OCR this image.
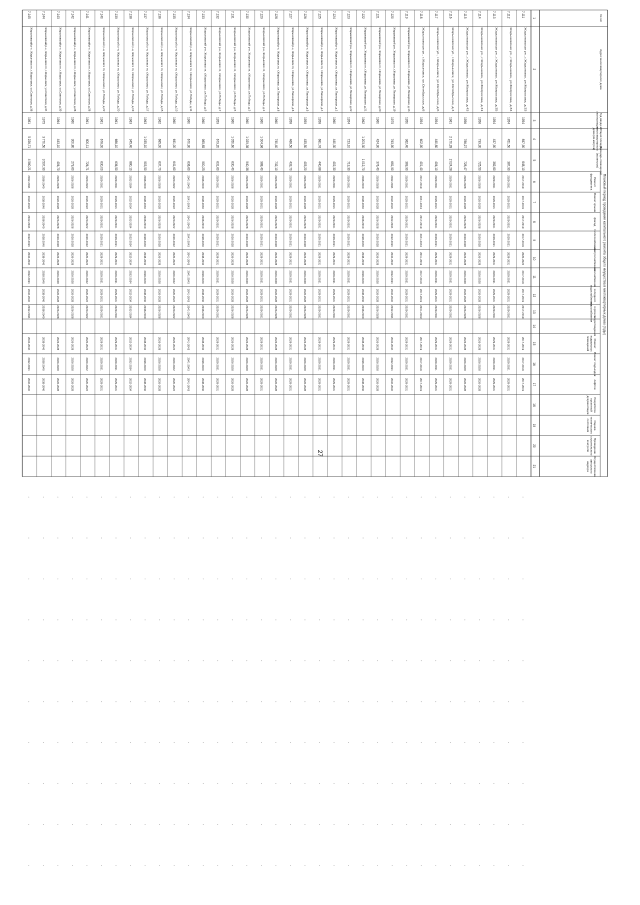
27
Плановый период проведения капитального ремонта общего имущества в многоквартирных домах (годы)
№ п/п
Адрес многоквартирного дома
Год ввода вэксплуатацию
Общая площадьмногоквартирногодома (кв.метров)
Площадь помещений(кв.метров)
Ремонтфундамента
Ремонт крыши
фасад
теплоснабжение
электроснабжения
газоснабжения
холодноговодоснабжения
горячеговодоснабжения
водоотведения
Ремонтподвальныхпомещений
Ремонт подъездов
лифтов
Разработкапроектнойдокументации
Оценкатехническогосостояния
Проведениестроительногоконтроля
Осуществлениеавторскогонадзора
1
2
3
4
5
6
7
8
9
10
11
12
13
14
15
16
17
18
19
20
21
7.111
Жарыновская ул., г.Жарыновск, ул.Матросова, д.33
1954
897,90
848,10
2017-2019
2017-2019
2017-2019
2017-2019
2020-2022
2017-2019
2017-2019
2017-2019
2017-2019
2017-2019
2017-2019
7.112
Жарыновская ул., г.Жарыновск, ул.Матросова, д.34
1954
451,50
387,90
2029-2031
2029-2031
2029-2031
2029-2031
2029-2031
2029-2031
2029-2031
2029-2031
2029-2031
2029-2031
2029-2031
7.113
Жарыновская ул., г.Жарыновск, ул.Матросова, д.35
1954
437,90
382,80
2029-2031
2029-2031
2029-2031
2029-2031
2029-2031
2029-2031
2029-2031
2029-2031
2029-2031
2029-2031
2029-2031
7.114
Жарыновская ул., г.Жарыновск, ул.Матросова, д.41
1956
799,30
725,50
2026-2028
2026-2028
2026-2028
2026-2028
2026-2028
2026-2028
2026-2028
2026-2028
2026-2028
2026-2028
2026-2028
7.115
Жарыновская ул., г.Жарыновск, ул.Матросова, д.43
1956
786,27
728,47
2026-2028
2026-2028
2026-2028
2026-2028
2026-2028
2026-2028
2026-2028
2026-2028
2026-2028
2026-2028
2026-2028
7.116
Жарыновская ул., г.Жарыновск, ул.Октябрьская, д.4
1961
2 170,28
2 024,28
2029-2031
2029-2031
2029-2031
2029-2031
2029-2031
2029-2031
2029-2031
2029-2031
2029-2031
2029-2031
2029-2031
7.117
Жарыновская ул., г.Жарыновск, ул.Октябрьская, д.6
1954
440,80
406,10
2029-2031
2029-2031
2029-2031
2029-2031
2029-2031
2029-2031
2029-2031
2029-2031
2029-2031
2029-2031
2029-2031
7.118
Жарыновская ул., г.Жарыновск, ул.Октябрьская, д.8
1954
602,90
401,40
2017-2019
2041-2043
2017-2019
2041-2043
2041-2043
2017-2019
2017-2019
2041-2043
2017-2019
2017-2019
2017-2019
7.119
Жарыновский р-н, Жарыновск гп, г.Жарыновск, ул.Пионерская, д.13
1950
362,40
369,90
2029-2031
2029-2031
2029-2031
2029-2031
2029-2031
2029-2031
2029-2031
2029-2031
2029-2031
2029-2031
2029-2031
7.120
Жарыновский р-н, Жарыновск гп, г.Жарыновск, ул.Пионерская, д.19
1975
763,90
681,90
2032-2034
2032-2034
2032-2034
2032-2034
2032-2034
2032-2034
2032-2034
2032-2034
2032-2034
2032-2034
2032-2034
7.121
Жарыновский р-н, Жарыновск гп, г.Жарыновск, ул.Пионерская, д.20
1960
424,90
376,40
2026-2028
2026-2028
2026-2028
2026-2028
2026-2028
2026-2028
2026-2028
2026-2028
2026-2028
2026-2028
2026-2028
7.122
Жарыновский р-н, Жарыновск гп, г.Жарыновск, ул.Пионерская, д.21
1962
1 203,30
1 012,70
2038-2040
2038-2040
2038-2040
2038-2040
2038-2040
2038-2040
2038-2040
2038-2040
2038-2040
2038-2040
2038-2040
7.123
Жарыновский р-н, Жарыновск гп, г.Жарыновск, ул.Пионерская, д.22
1954
723,10
713,30
2029-2031
2029-2031
2029-2031
2029-2031
2029-2031
2029-2031
2029-2031
2029-2031
2029-2031
2029-2031
2029-2031
7.124
Жарыновский р-н, Жарыновск гп, г.Жарыновск, ул.Пионерская, д.2
1960
440,30
402,30
2029-2031
2029-2031
2029-2031
2029-2031
2029-2031
2029-2031
2029-2031
2029-2031
2029-2031
2029-2031
2029-2031
7.125
Жарыновский р-н, Жарыновск гп, г.Жарыновск, ул.Пионерская, д.4
1958
681,76
440,88
2029-2031
2029-2031
2029-2031
2029-2031
2029-2031
2029-2031
2029-2031
2029-2031
2029-2031
2029-2031
2029-2031
7.126
Жарыновский р-н, Жарыновск гп, г.Жарыновск, ул.Пионерская, д.5
1959
435,50
405,20
2026-2028
2026-2028
2026-2028
2026-2028
2026-2028
2026-2028
2026-2028
2026-2028
2026-2028
2026-2028
2026-2028
7.127
Жарыновский р-н, Жарыновск гп, г.Жарыновск, ул.Пионерская, д.6
1958
468,50
433,70
2029-2031
2029-2031
2029-2031
2029-2031
2029-2031
2029-2031
2029-2031
2029-2031
2029-2031
2029-2031
2029-2031
7.128
Жарыновский р-н, Жарыновск гп, г.Жарыновск, ул.Пионерская, д.8
1960
790,40
732,10
2026-2028
2026-2028
2026-2028
2026-2028
2026-2028
2026-2028
2026-2028
2026-2028
2026-2028
2026-2028
2026-2028
7.129
Жарыновский р-н, Жарыновск гп, г.Жарыновск, ул.Победы, д.1
1960
1 004,96
988,40
2029-2031
2029-2031
2029-2031
2029-2031
2029-2031
2029-2031
2029-2031
2029-2031
2029-2031
2029-2031
2029-2031
7.130
Жарыновский р-н, Жарыновск гп, г.Жарыновск, ул.Победы, д.3
1960
1 029,38
940,38
2026-2028
2026-2028
2026-2028
2026-2028
2026-2028
2026-2028
2026-2028
2026-2028
2026-2028
2026-2028
2026-2028
7.131
Жарыновский р-н, Жарыновск гп, г.Жарыновск, ул.Победы, д.5
1960
1 050,60
630,40
2026-2028
2026-2028
2026-2028
2026-2028
2026-2028
2026-2028
2026-2028
2026-2028
2026-2028
2026-2028
2026-2028
7.132
Жарыновский р-н, Жарыновск гп, г.Жарыновск, ул.Победы, д.7
1959
679,20
631,60
2029-2031
2029-2031
2029-2031
2029-2031
2029-2031
2029-2031
2029-2031
2029-2031
2029-2031
2029-2031
2029-2031
7.133
Жарыновский р-н, Жарыновск гп, г.Жарыновск, ул.Победы, д.9
1960
985,85
900,25
2038-2040
2038-2040
2038-2040
2038-2040
2038-2040
2038-2040
2038-2040
2038-2040
2038-2040
2038-2040
2038-2040
7.134
Жарыновский р-н, Жарыновск гп, г.Жарыновск, ул.Победы, д.11
1960
670,90
636,60
2041-2043
2041-2043
2041-2043
2041-2043
2041-2043
2041-2043
2041-2043
2041-2043
2041-2043
2041-2043
2041-2043
7.135
Жарыновский р-н, Жарыновск гп, г.Жарыновск, ул.Победы, д.13
1960
691,00
641,60
2020-2022
2020-2022
2020-2022
2020-2022
2020-2022
2020-2022
2020-2022
2020-2022
2020-2022
2020-2022
2020-2022
7.136
Жарыновский р-н, Жарыновск гп, г.Жарыновск, ул.Победы, д.15
1962
685,00
637,70
2026-2028
2026-2028
2026-2028
2026-2028
2026-2028
2026-2028
2026-2028
2026-2028
2026-2028
2026-2028
2026-2028
7.137
Жарыновский р-н, Жарыновск гп, г.Жарыновск, ул.Победы, д.17
1963
1 035,10
903,50
2038-2040
2038-2040
2038-2040
2038-2040
2038-2040
2038-2040
2038-2040
2038-2040
2038-2040
2038-2040
2038-2040
7.138
Жарыновский р-н, Жарыновск гп, г.Жарыновск, ул.Победы, д.19
1963
945,40
880,10
2032-2034
2032-2034
2032-2034
2032-2034
2032-2034
2032-2034
2032-2034
2032-2034
2032-2034
2032-2034
2032-2034
7.139
Жарыновский р-н, Жарыновск гп, г.Жарыновск, ул.Победы, д.20
1961
686,10
636,50
2029-2031
2029-2031
2029-2031
2029-2031
2029-2031
2029-2031
2029-2031
2029-2031
2029-2031
2029-2031
2029-2031
7.140
Жарыновский р-н, Жарыновск гп, г.Жарыновск, ул.Победы, д.22
1961
676,00
630,00
2029-2031
2029-2031
2029-2031
2029-2031
2029-2031
2029-2031
2029-2031
2029-2031
2029-2031
2029-2031
2029-2031
7.141
Жарыновский р-н, Жарыновск гп, г.Жарыновск, ул.Советская, д.26
1961
800,11
726,71
2020-2022
2020-2022
2020-2022
2020-2022
2020-2022
2020-2022
2020-2022
2020-2022
2020-2022
2020-2022
2020-2022
7.142
Жарыновский р-н, Жарыновск гп, г.Жарыновск, ул.Советская, д.28
1960
300,80
279,60
2026-2028
2026-2028
2026-2028
2026-2028
2026-2028
2026-2028
2026-2028
2026-2028
2026-2028
2026-2028
2026-2028
7.143
Жарыновский р-н, Жарыновск гп, г.Жарыновск, ул.Советская, д.30
1964
443,10
406,70
2026-2028
2026-2028
2026-2028
2026-2028
2026-2028
2026-2028
2026-2028
2026-2028
2026-2028
2026-2028
2026-2028
7.144
Жарыновский р-н, Жарыновск гп, г.Жарыновск, ул.Советская, д.34
1975
3 770,50
3 597,90
2038-2040
2038-2040
2038-2040
2038-2040
2038-2040
2038-2040
2038-2040
2038-2040
2038-2040
2038-2040
2038-2040
7.145
Жарыновский р-н, Жарыновск гп, г.Жарыновск, ул.Советская, д.36
1981
5 226,71
4 560,21
2032-2034
2032-2034
2032-2034
2032-2034
2032-2034
2032-2034
2032-2034
2032-2034
2032-2034
2032-2034
2032-2034
